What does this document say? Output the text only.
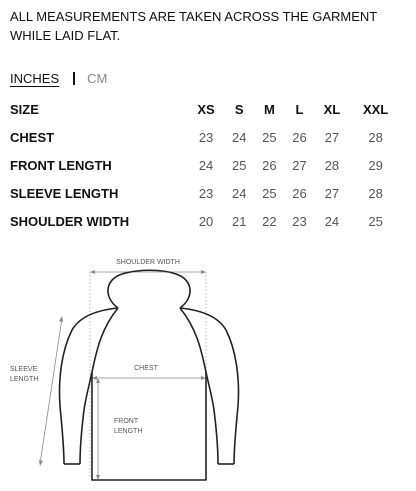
ALL MEASUREMENTS ARE TAKEN ACROSS THE GARMENT WHILE LAID FLAT.

INCHES CM
SIZE	XS	S	M	L	XL	XXL
CHEST	23	24	25	26	27	28
FRONT LENGTH	24	25	26	27	28	29
SLEEVE LENGTH	23	24	25	26	27	28
SHOULDER WIDTH	20	21	22	23	24	25
SHOULDER WIDTH
CHEST
SLEEVE
LENGTH
FRONT
LENGTH
